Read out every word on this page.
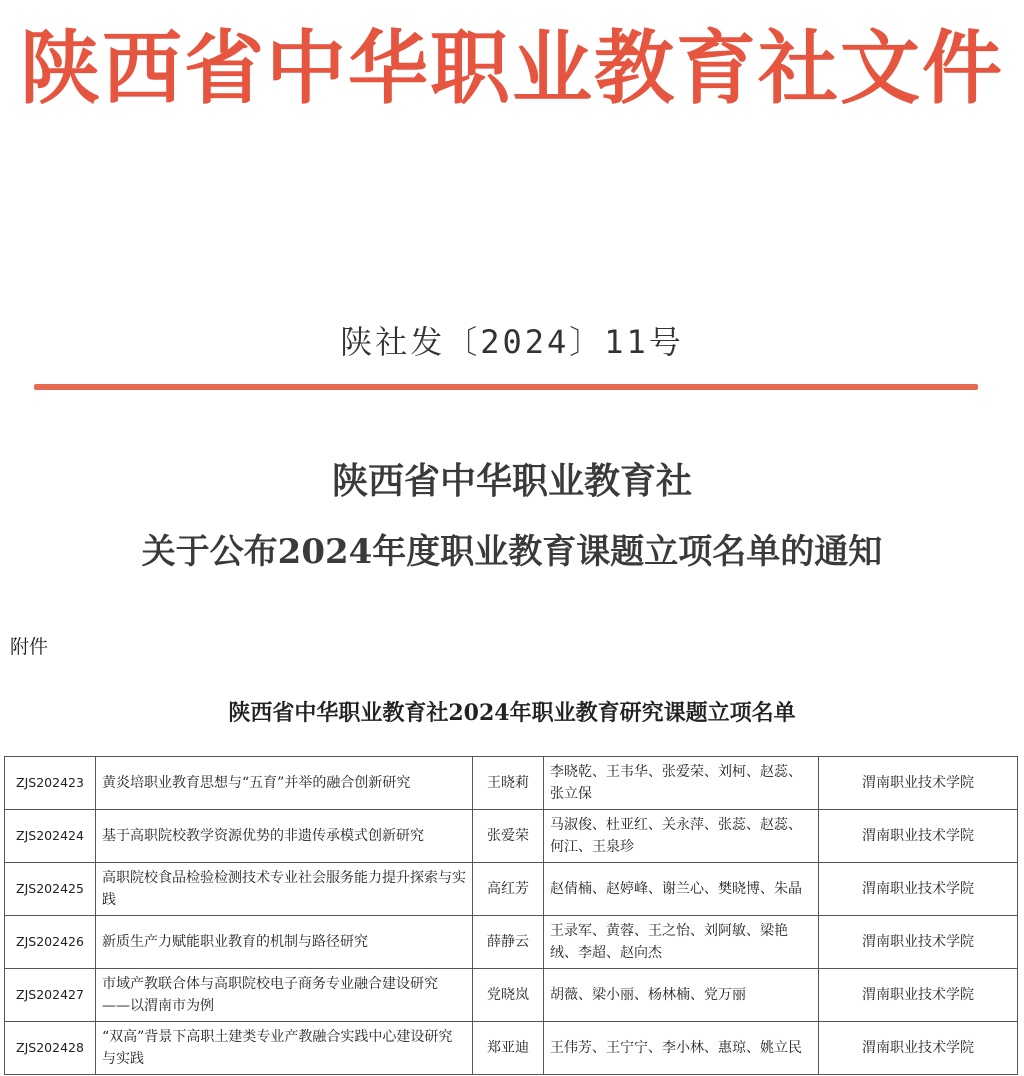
陕西省中华职业教育社文件
陕社发〔2024〕11号
陕西省中华职业教育社
关于公布2024年度职业教育课题立项名单的通知
附件
陕西省中华职业教育社2024年职业教育研究课题立项名单
ZJS202423	黄炎培职业教育思想与“五育”并举的融合创新研究	王晓莉	李晓乾、王韦华、张爱荣、刘柯、赵蕊、张立保	渭南职业技术学院
ZJS202424	基于高职院校教学资源优势的非遗传承模式创新研究	张爱荣	马淑俊、杜亚红、关永萍、张蕊、赵蕊、何江、王泉珍	渭南职业技术学院
ZJS202425	高职院校食品检验检测技术专业社会服务能力提升探索与实践	高红芳	赵倩楠、赵婷峰、谢兰心、樊晓博、朱晶	渭南职业技术学院
ZJS202426	新质生产力赋能职业教育的机制与路径研究	薛静云	王录军、黄蓉、王之怡、刘阿敏、梁艳绒、李超、赵向杰	渭南职业技术学院
ZJS202427	市域产教联合体与高职院校电子商务专业融合建设研究 ——以渭南市为例	党晓岚	胡薇、梁小丽、杨林楠、党万丽	渭南职业技术学院
ZJS202428	“双高”背景下高职土建类专业产教融合实践中心建设研究与实践	郑亚迪	王伟芳、王宁宁、李小林、惠琼、姚立民	渭南职业技术学院
